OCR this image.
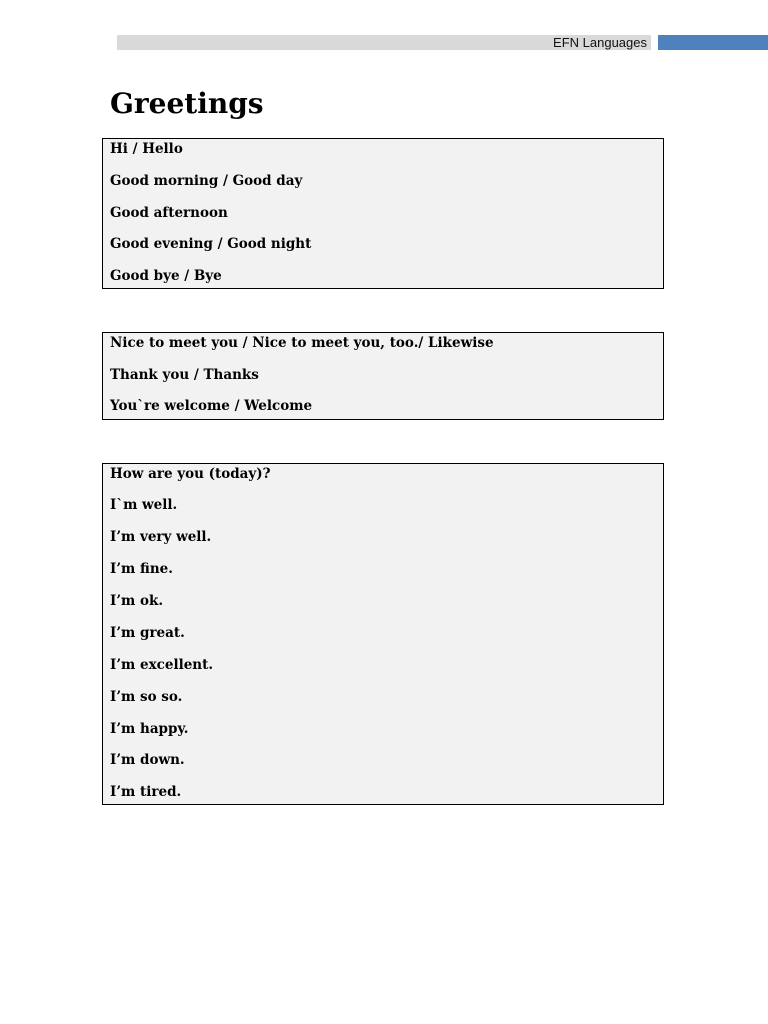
EFN Languages
Greetings
Hi / Hello
Good morning / Good day
Good afternoon
Good evening / Good night
Good bye / Bye
Nice to meet you / Nice to meet you, too./ Likewise
Thank you / Thanks
You`re welcome / Welcome
How are you (today)?
I`m well.
I’m very well.
I’m fine.
I’m ok.
I’m great.
I’m excellent.
I’m so so.
I’m happy.
I’m down.
I’m tired.
